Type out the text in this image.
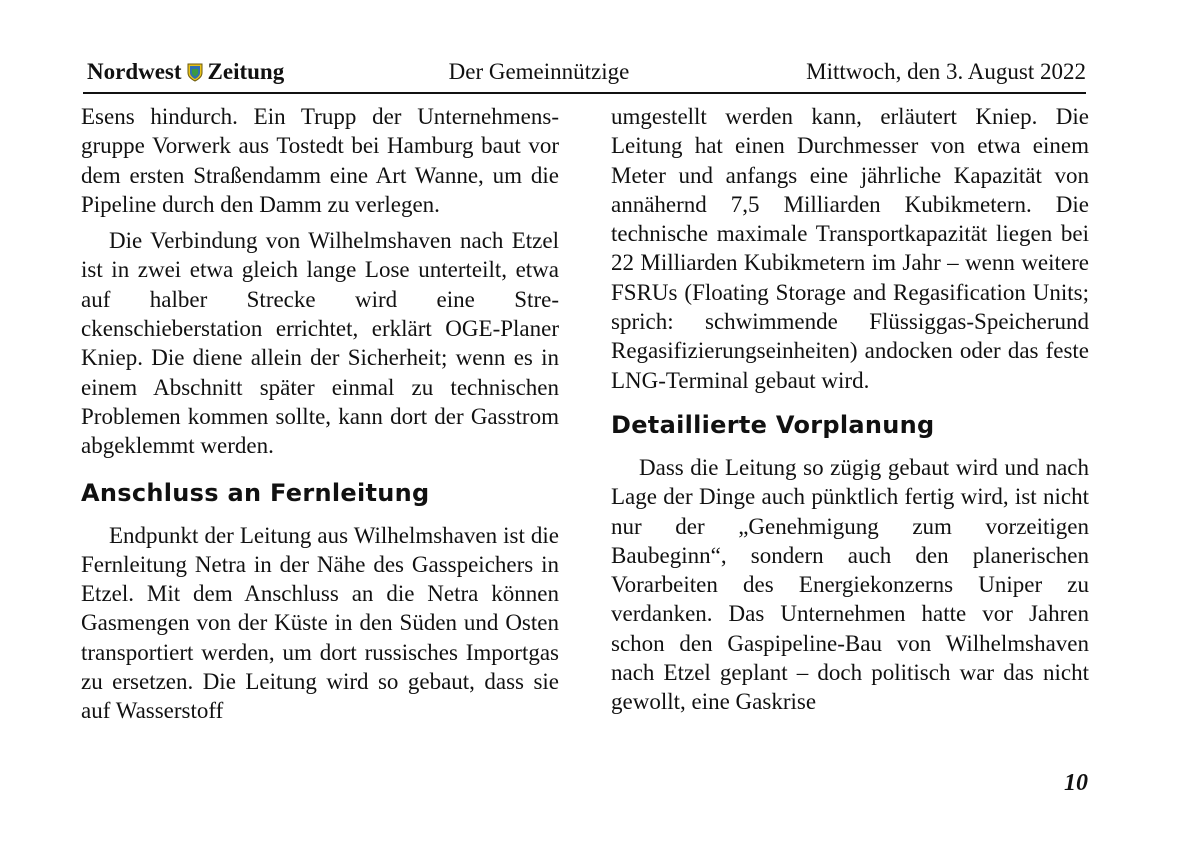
Nordwest Zeitung	Der Gemeinnützige	Mittwoch, den 3. August 2022

Esens hindurch. Ein Trupp der Unternehmensgruppe Vorwerk aus Tostedt bei Hamburg baut vor dem ersten Straßendamm eine Art Wanne, um die Pipeline durch den Damm zu verlegen.

Die Verbindung von Wilhelmshaven nach Etzel ist in zwei etwa gleich lange Lose unterteilt, etwa auf halber Strecke wird eine Streckenschieberstation errichtet, erklärt OGE-Planer Kniep. Die diene allein der Sicherheit; wenn es in einem Abschnitt später einmal zu technischen Problemen kommen sollte, kann dort der Gasstrom abgeklemmt werden.

Anschluss an Fernleitung

Endpunkt der Leitung aus Wilhelmshaven ist die Fernleitung Netra in der Nähe des Gasspeichers in Etzel. Mit dem Anschluss an die Netra können Gasmengen von der Küste in den Süden und Osten transportiert werden, um dort russisches Importgas zu ersetzen. Die Leitung wird so gebaut, dass sie auf Wasserstoff

umgestellt werden kann, erläutert Kniep. Die Leitung hat einen Durchmesser von etwa einem Meter und anfangs eine jährliche Kapazität von annähernd 7,5 Milliarden Kubikmetern. Die technische maximale Transportkapazität liegen bei 22 Milliarden Kubikmetern im Jahr – wenn weitere FSRUs (Floating Storage and Regasification Units; sprich: schwimmende Flüssiggas-Speicherund Regasifizierungseinheiten) andocken oder das feste LNG-Terminal gebaut wird.

Detaillierte Vorplanung

Dass die Leitung so zügig gebaut wird und nach Lage der Dinge auch pünktlich fertig wird, ist nicht nur der „Genehmigung zum vorzeitigen Baubeginn“, sondern auch den planerischen Vorarbeiten des Energiekonzerns Uniper zu verdanken. Das Unternehmen hatte vor Jahren schon den Gaspipeline-Bau von Wilhelmshaven nach Etzel geplant – doch politisch war das nicht gewollt, eine Gaskrise

10
